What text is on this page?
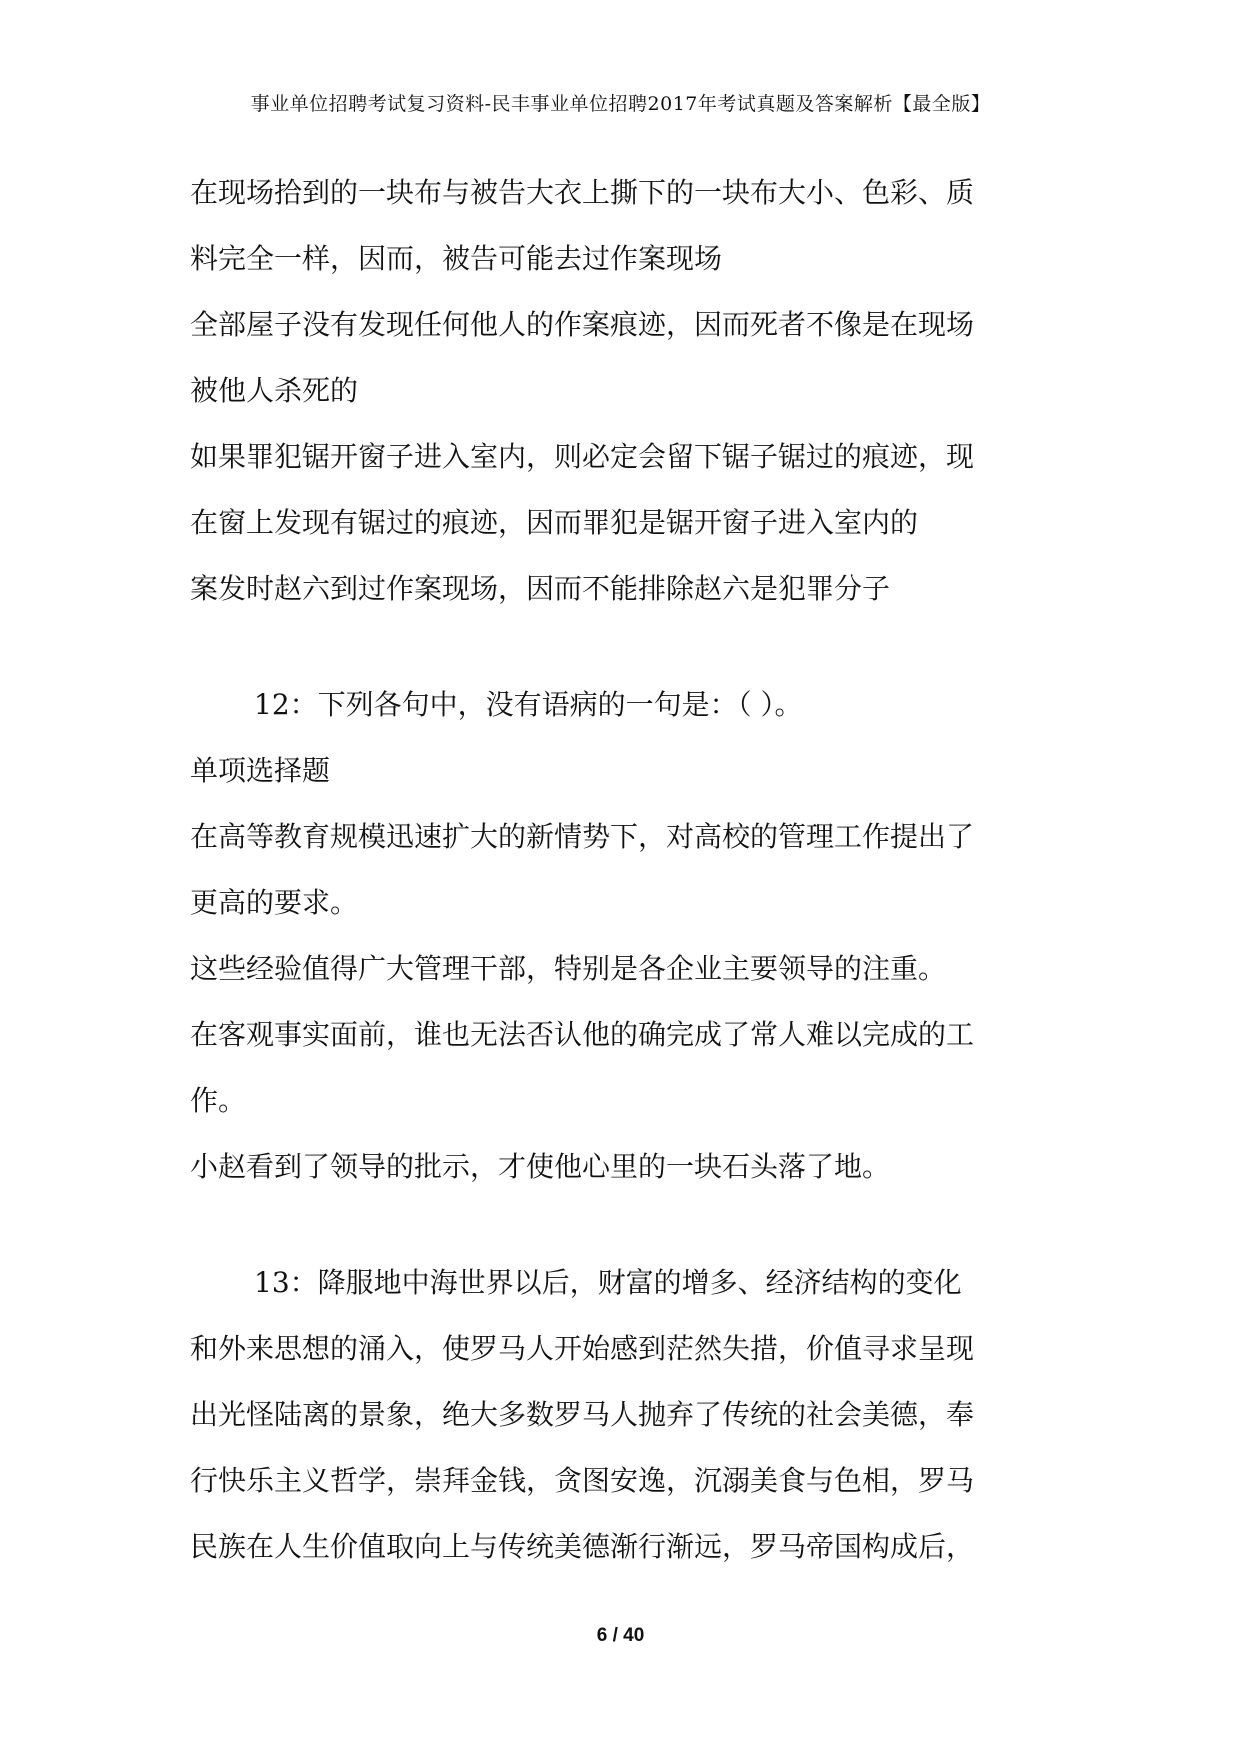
事业单位招聘考试复习资料-民丰事业单位招聘2017年考试真题及答案解析【最全版】
在现场拾到的一块布与被告大衣上撕下的一块布大小、色彩、质
料完全一样，因而，被告可能去过作案现场
全部屋子没有发现任何他人的作案痕迹，因而死者不像是在现场
被他人杀死的
如果罪犯锯开窗子进入室内，则必定会留下锯子锯过的痕迹，现
在窗上发现有锯过的痕迹，因而罪犯是锯开窗子进入室内的
案发时赵六到过作案现场，因而不能排除赵六是犯罪分子
12：下列各句中，没有语病的一句是：（ ）。
单项选择题
在高等教育规模迅速扩大的新情势下，对高校的管理工作提出了
更高的要求。
这些经验值得广大管理干部，特别是各企业主要领导的注重。
在客观事实面前，谁也无法否认他的确完成了常人难以完成的工
作。
小赵看到了领导的批示，才使他心里的一块石头落了地。
13：降服地中海世界以后，财富的增多、经济结构的变化
和外来思想的涌入，使罗马人开始感到茫然失措，价值寻求呈现
出光怪陆离的景象，绝大多数罗马人抛弃了传统的社会美德，奉
行快乐主义哲学，崇拜金钱，贪图安逸，沉溺美食与色相，罗马
民族在人生价值取向上与传统美德渐行渐远，罗马帝国构成后，
6 / 40
